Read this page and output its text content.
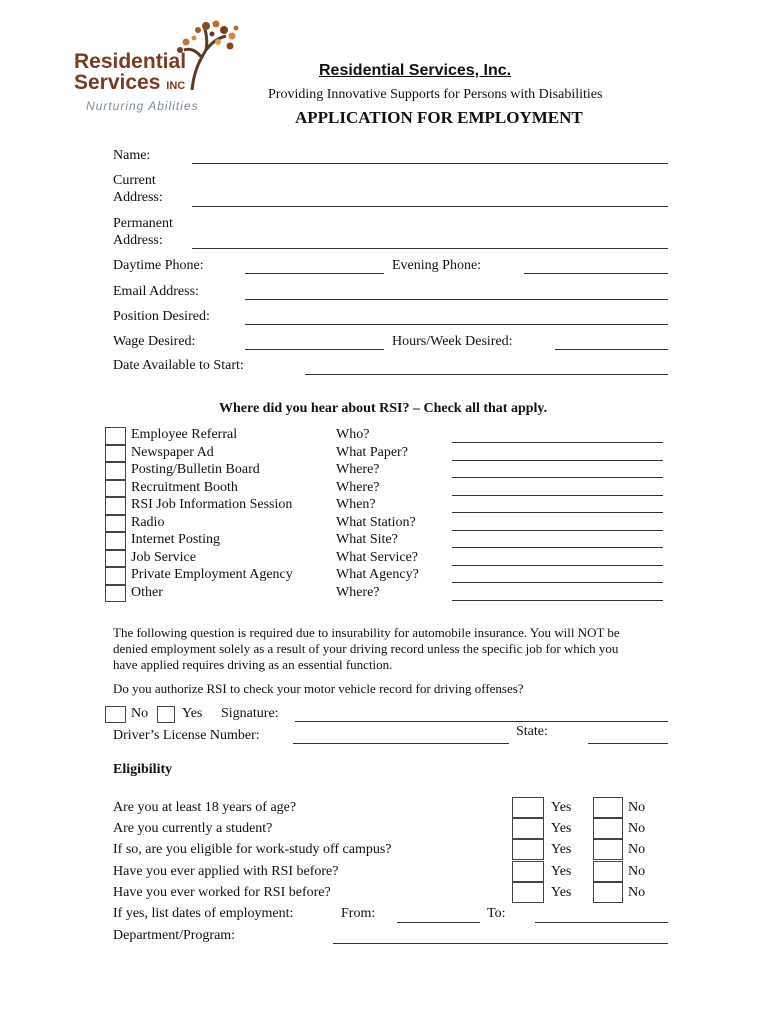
Residential
Services INC
Nurturing Abilities
Residential Services, Inc.
Providing Innovative Supports for Persons with Disabilities
APPLICATION FOR EMPLOYMENT
Name:
Current
Address:
Permanent
Address:
Daytime Phone:	Evening Phone:
Email Address:
Position Desired:
Wage Desired:	Hours/Week Desired:
Date Available to Start:
Where did you hear about RSI? – Check all that apply.
Employee Referral	Who?
Newspaper Ad	What Paper?
Posting/Bulletin Board	Where?
Recruitment Booth	Where?
RSI Job Information Session	When?
Radio	What Station?
Internet Posting	What Site?
Job Service	What Service?
Private Employment Agency	What Agency?
Other	Where?
The following question is required due to insurability for automobile insurance. You will NOT be
denied employment solely as a result of your driving record unless the specific job for which you
have applied requires driving as an essential function.
Do you authorize RSI to check your motor vehicle record for driving offenses?
No Yes Signature:
Driver’s License Number:	State:
Eligibility
Are you at least 18 years of age?	Yes	No
Are you currently a student?	Yes	No
If so, are you eligible for work-study off campus?	Yes	No
Have you ever applied with RSI before?	Yes	No
Have you ever worked for RSI before?	Yes	No
If yes, list dates of employment:	From:	To:
Department/Program:
